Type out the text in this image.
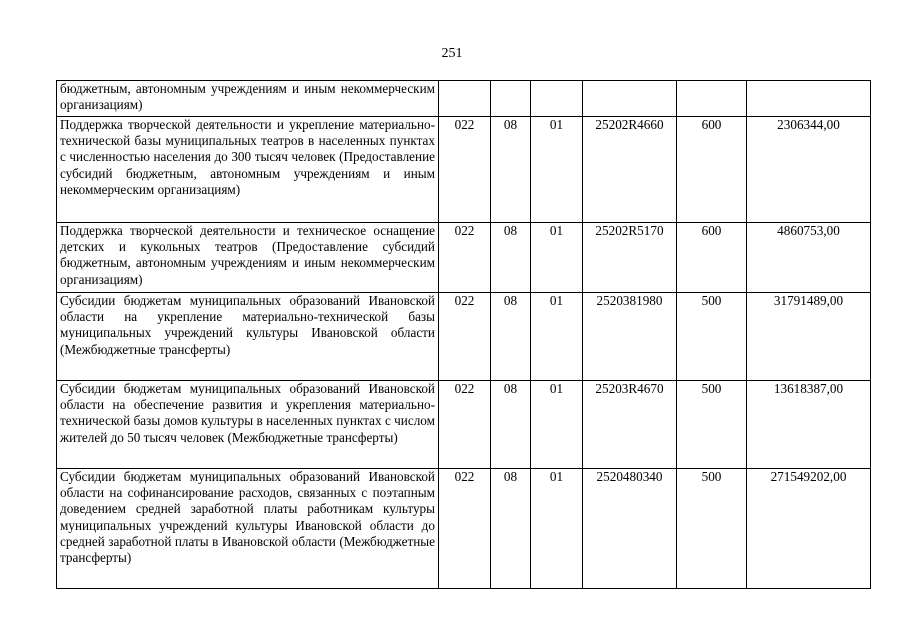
251
бюджетным, автономным учреждениям и иным некоммерческим организациям)						
Поддержка творческой деятельности и укрепление материально-технической базы муниципальных театров в населенных пунктах с численностью населения до 300 тысяч человек (Предоставление субсидий бюджетным, автономным учреждениям и иным некоммерческим организациям)	022	08	01	25202R4660	600	2306344,00
Поддержка творческой деятельности и техническое оснащение детских и кукольных театров (Предоставление субсидий бюджетным, автономным учреждениям и иным некоммерческим организациям)	022	08	01	25202R5170	600	4860753,00
Субсидии бюджетам муниципальных образований Ивановской области на укрепление материально-технической базы муниципальных учреждений культуры Ивановской области (Межбюджетные трансферты)	022	08	01	2520381980	500	31791489,00
Субсидии бюджетам муниципальных образований Ивановской области на обеспечение развития и укрепления материально-технической базы домов культуры в населенных пунктах с числом жителей до 50 тысяч человек (Межбюджетные трансферты)	022	08	01	25203R4670	500	13618387,00
Субсидии бюджетам муниципальных образований Ивановской области на софинансирование расходов, связанных с поэтапным доведением средней заработной платы работникам культуры муниципальных учреждений культуры Ивановской области до средней заработной платы в Ивановской области (Межбюджетные трансферты)	022	08	01	2520480340	500	271549202,00
